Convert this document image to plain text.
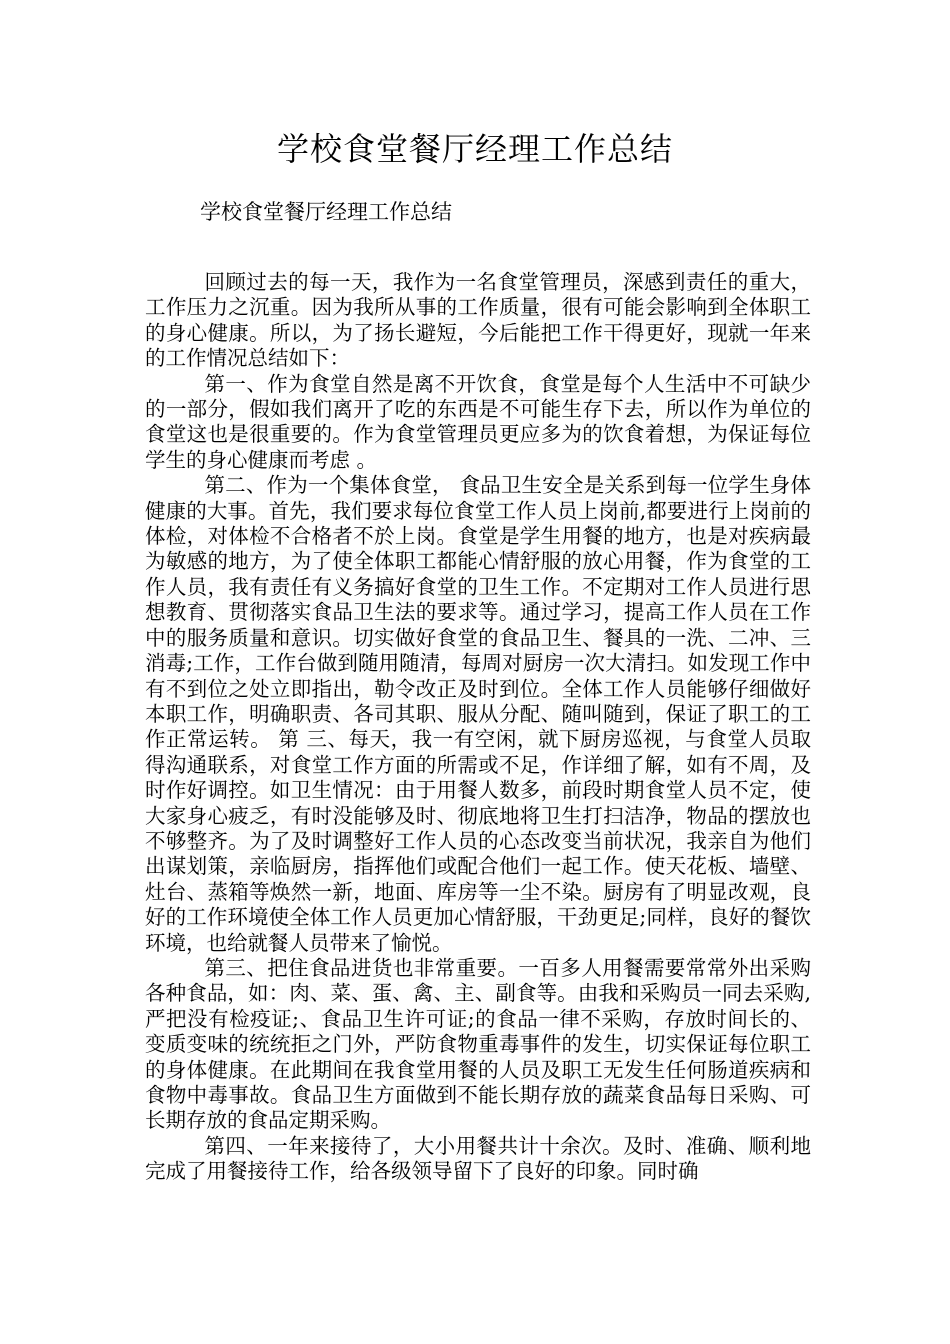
学校食堂餐厅经理工作总结

学校食堂餐厅经理工作总结

回顾过去的每一天，我作为一名食堂管理员，深感到责任的重大，工作压力之沉重。因为我所从事的工作质量，很有可能会影响到全体职工的身心健康。所以，为了扬长避短，今后能把工作干得更好，现就一年来的工作情况总结如下：

第一、作为食堂自然是离不开饮食，食堂是每个人生活中不可缺少的一部分，假如我们离开了吃的东西是不可能生存下去，所以作为单位的食堂这也是很重要的。作为食堂管理员更应多为的饮食着想，为保证每位学生的身心健康而考虑 。

第二、作为一个集体食堂， 食品卫生安全是关系到每一位学生身体健康的大事。首先，我们要求每位食堂工作人员上岗前,都要进行上岗前的体检，对体检不合格者不於上岗。食堂是学生用餐的地方，也是对疾病最为敏感的地方，为了使全体职工都能心情舒服的放心用餐，作为食堂的工作人员，我有责任有义务搞好食堂的卫生工作。不定期对工作人员进行思想教育、贯彻落实食品卫生法的要求等。通过学习，提高工作人员在工作中的服务质量和意识。切实做好食堂的食品卫生、餐具的一洗、二冲、三消毒;工作，工作台做到随用随清，每周对厨房一次大清扫。如发现工作中有不到位之处立即指出，勒令改正及时到位。全体工作人员能够仔细做好本职工作，明确职责、各司其职、服从分配、随叫随到，保证了职工的工作正常运转。 第 三、每天，我一有空闲，就下厨房巡视，与食堂人员取得沟通联系，对食堂工作方面的所需或不足，作详细了解，如有不周，及时作好调控。如卫生情况：由于用餐人数多，前段时期食堂人员不定，使大家身心疲乏，有时没能够及时、彻底地将卫生打扫洁净，物品的摆放也不够整齐。为了及时调整好工作人员的心态改变当前状况，我亲自为他们出谋划策，亲临厨房，指挥他们或配合他们一起工作。使天花板、墙壁、灶台、蒸箱等焕然一新，地面、库房等一尘不染。厨房有了明显改观，良好的工作环境使全体工作人员更加心情舒服，干劲更足;同样，良好的餐饮环境，也给就餐人员带来了愉悦。

第三、把住食品进货也非常重要。一百多人用餐需要常常外出采购各种食品，如：肉、菜、蛋、禽、主、副食等。由我和采购员一同去采购,严把没有检疫证;、食品卫生许可证;的食品一律不采购，存放时间长的、变质变味的统统拒之门外，严防食物重毒事件的发生，切实保证每位职工的身体健康。在此期间在我食堂用餐的人员及职工无发生任何肠道疾病和食物中毒事故。食品卫生方面做到不能长期存放的蔬菜食品每日采购、可长期存放的食品定期采购。

第四、一年来接待了，大小用餐共计十余次。及时、准确、顺利地完成了用餐接待工作，给各级领导留下了良好的印象。同时确
